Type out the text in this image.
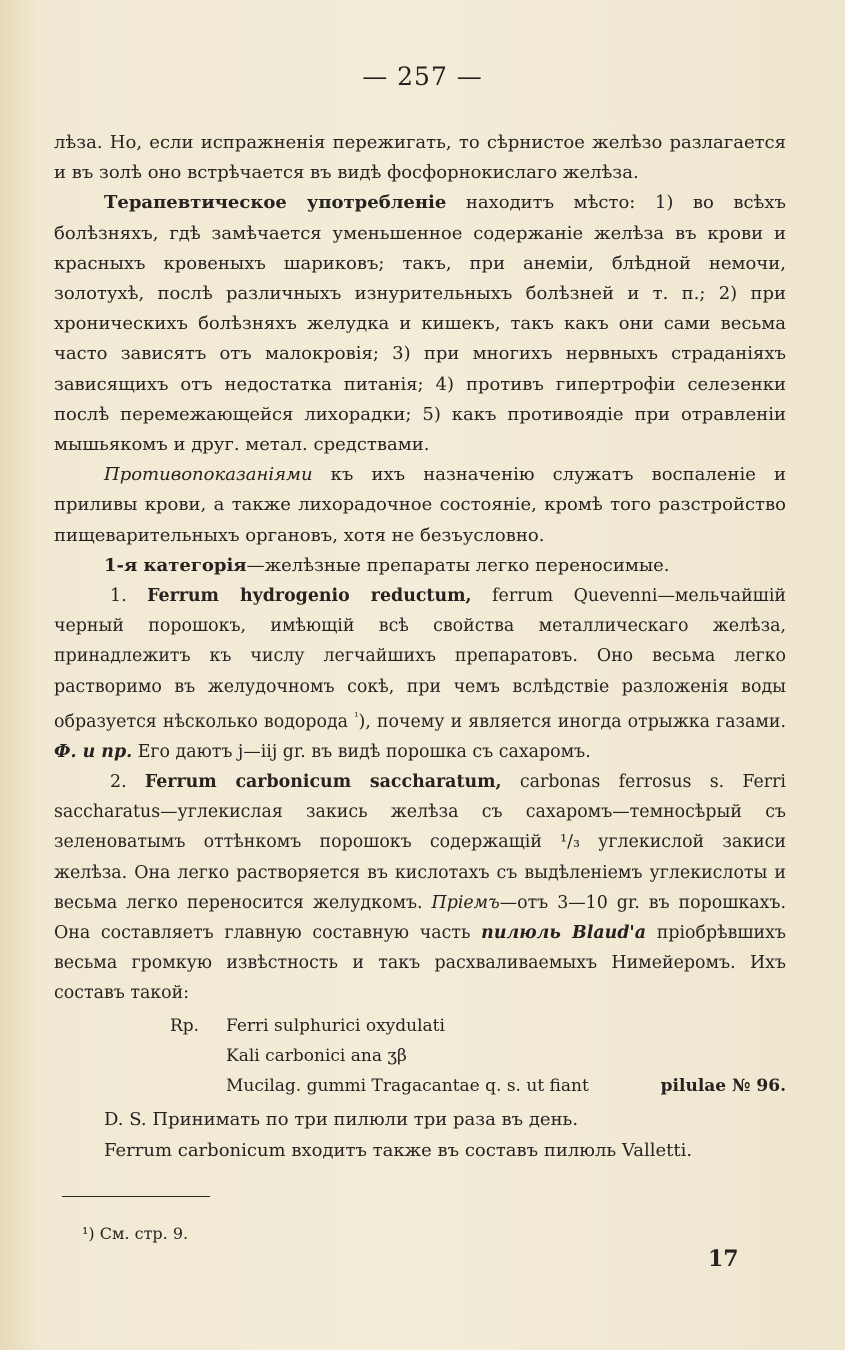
— 257 —

лѣза. Но, если испражненія пережигать, то сѣрнистое желѣзо разлагается и въ золѣ оно встрѣчается въ видѣ фосфорнокислаго желѣза.

Терапевтическое употребленіе находитъ мѣсто: 1) во всѣхъ болѣзняхъ, гдѣ замѣчается уменьшенное содержаніе желѣза въ крови и красныхъ кровеныхъ шариковъ; такъ, при анеміи, блѣдной немочи, золотухѣ, послѣ различныхъ изнурительныхъ болѣзней и т. п.; 2) при хроническихъ болѣзняхъ желудка и кишекъ, такъ какъ они сами весьма часто зависятъ отъ малокровія; 3) при многихъ нервныхъ страданіяхъ зависящихъ отъ недостатка питанія; 4) противъ гипертрофіи селезенки послѣ перемежающейся лихорадки; 5) какъ противоядіе при отравленіи мышьякомъ и друг. метал. средствами.

Противопоказаніями къ ихъ назначенію служатъ воспаленіе и приливы крови, а также лихорадочное состояніе, кромѣ того разстройство пищеварительныхъ органовъ, хотя не безъусловно.

1-я категорія—желѣзные препараты легко переносимые.

1. Ferrum hydrogenio reductum, ferrum Quevenni—мельчайшій черный порошокъ, имѣющій всѣ свойства металлическаго желѣза, принадлежитъ къ числу легчайшихъ препаратовъ. Оно весьма легко растворимо въ желудочномъ сокѣ, при чемъ вслѣдствіе разложенія воды образуется нѣсколько водорода $^{^1}$), почему и является иногда отрыжка газами. Ф. и пр. Его даютъ j—iij gr. въ видѣ порошка съ сахаромъ.

2. Ferrum carbonicum saccharatum, carbonas ferrosus s. Ferri saccharatus—углекислая закись желѣза съ сахаромъ—темносѣрый съ зеленоватымъ оттѣнкомъ порошокъ содержащій ¹/₃ углекислой закиси желѣза. Она легко растворяется въ кислотахъ съ выдѣленіемъ углекислоты и весьма легко переносится желудкомъ. Пріемъ—отъ 3—10 gr. въ порошкахъ. Она составляетъ главную составную часть пилюль Blaud'a пріобрѣвшихъ весьма громкую извѣстность и такъ расхваливаемыхъ Нимейеромъ. Ихъ составъ такой:

Rp. Ferri sulphurici oxydulati
Kali carbonici ana ʒβ
Mucilag. gummi Tragacantae q. s. ut fiant	pilulae № 96.

D. S. Принимать по три пилюли три раза въ день.

Ferrum carbonicum входитъ также въ составъ пилюль Valletti.

¹) См. стр. 9.
17
